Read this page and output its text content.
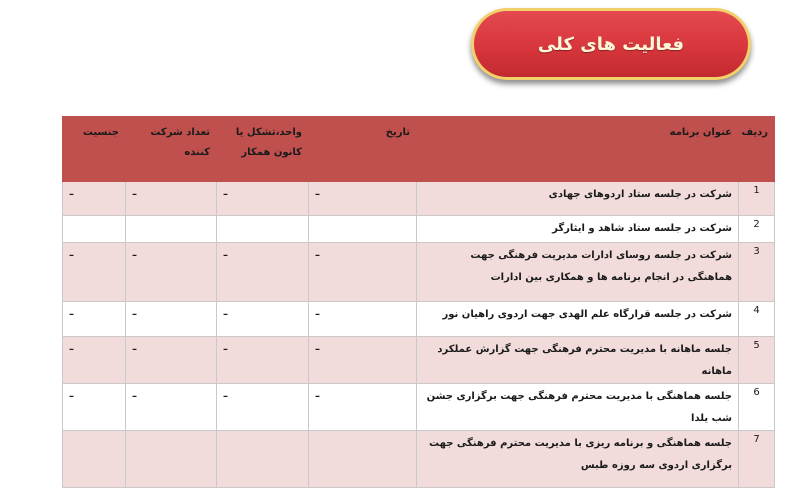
فعالیت های کلی
ردیف	عنوان برنامه	تاریخ	واحد،تشکل یا کانون همکار	تعداد شرکت کننده	جنسیت
1	شرکت در جلسه ستاد اردوهای جهادی	–	–	–	–

2	شرکت در جلسه ستاد شاهد و ایثارگر	

3	شرکت در جلسه روسای ادارات مدیریت فرهنگی جهت هماهنگی در انجام برنامه ها و همکاری بین ادارات	–	–	–	–

4	شرکت در جلسه قرارگاه علم الهدی جهت اردوی راهیان نور	–	–	–	–

5	جلسه ماهانه با مدیریت محترم فرهنگی جهت گزارش عملکرد ماهانه	–	–	–	–

6	جلسه هماهنگی با مدیریت محترم فرهنگی جهت برگزاری جشن شب یلدا	–	–	–	–

7	جلسه هماهنگی و برنامه ریزی با مدیریت محترم فرهنگی جهت برگزاری اردوی سه روزه طبس	
